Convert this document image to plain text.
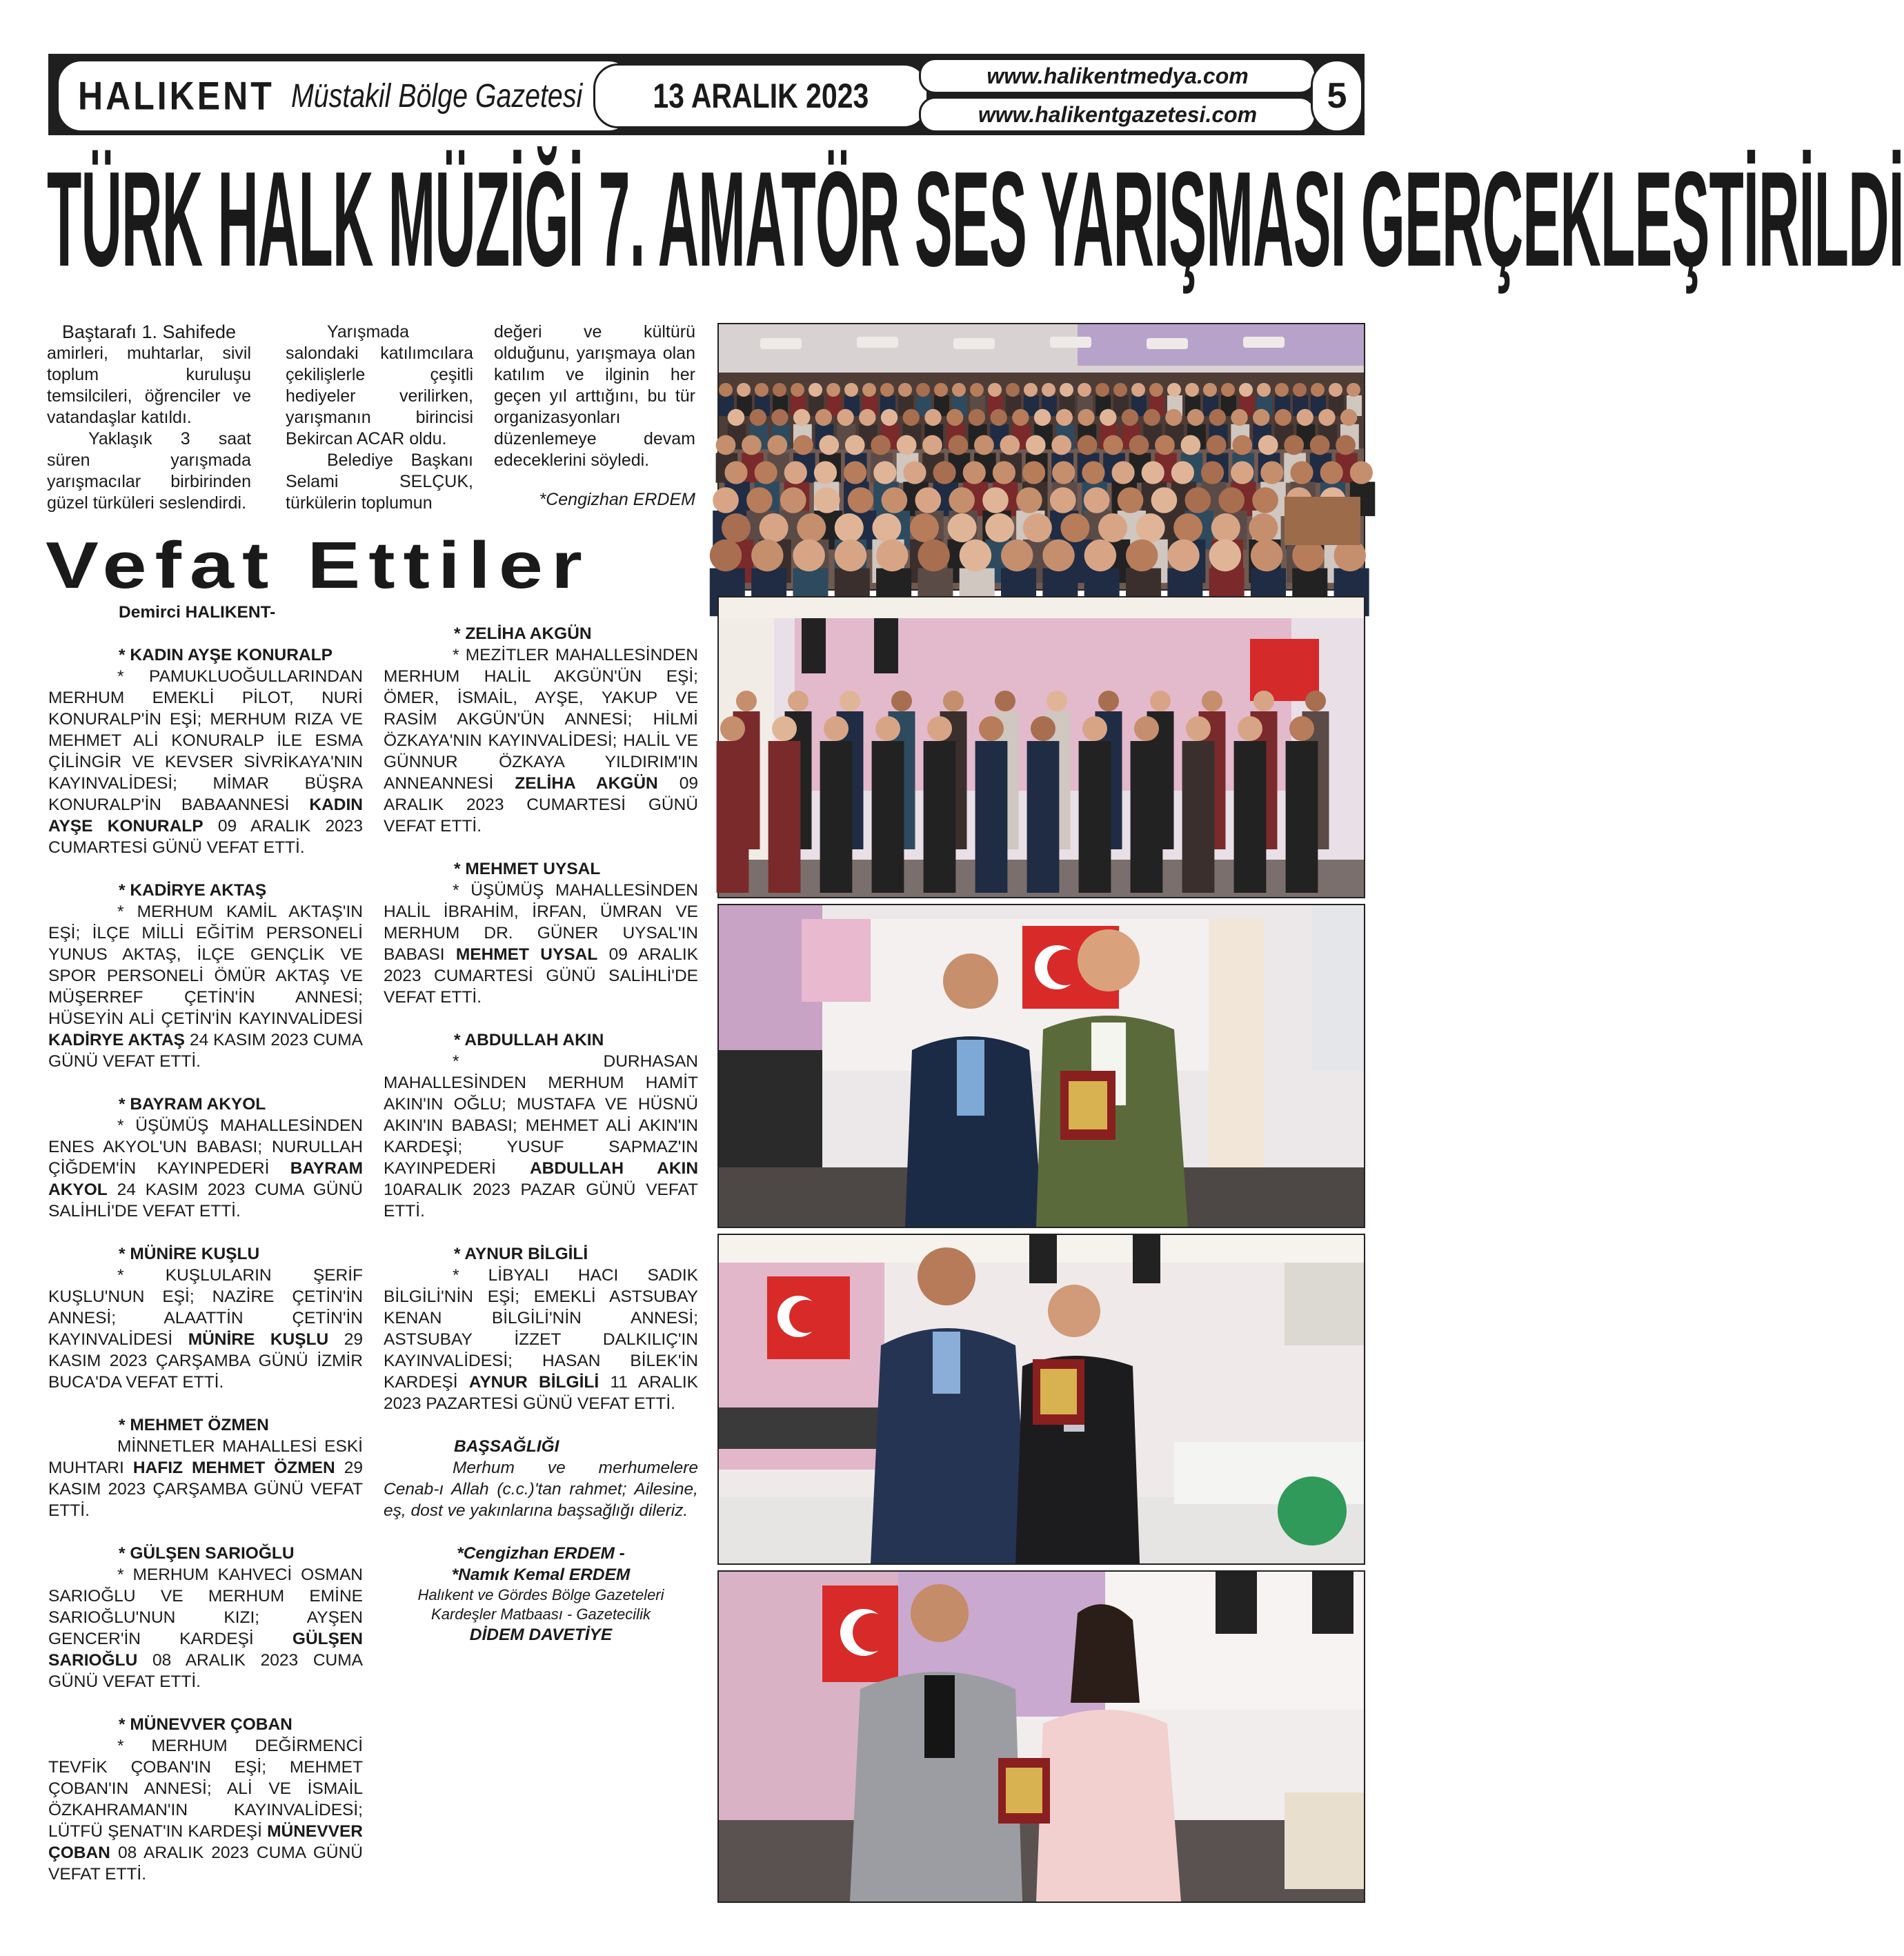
HALIKENT Müstakil Bölge Gazetesi 13 ARALIK 2023
www.halikentmedya.com
www.halikentgazetesi.com 5
TÜRK HALK MÜZİĞİ 7. AMATÖR SES YARIŞMASI GERÇEKLEŞTİRİLDİ

Baştarafı 1. Sahifede

amirleri, muhtarlar, sivil toplum kuruluşu temsilcileri, öğrenciler ve vatandaşlar katıldı.

Yaklaşık 3 saat süren yarışmada yarışmacılar birbirinden güzel türküleri seslendirdi.

Yarışmada salondaki katılımcılara çekilişlerle çeşitli hediyeler verilirken, yarışmanın birincisi Bekircan ACAR oldu.

Belediye Başkanı Selami SELÇUK, türkülerin toplumun

değeri ve kültürü olduğunu, yarışmaya olan katılım ve ilginin her geçen yıl arttığını, bu tür organizasyonları düzenlemeye devam edeceklerini söyledi.

*Cengizhan ERDEM

Vefat Ettiler

Demirci HALIKENT-

* KADIN AYŞE KONURALP

* PAMUKLUOĞULLARINDAN MERHUM EMEKLİ PİLOT, NURİ KONURALP'İN EŞİ; MERHUM RIZA VE MEHMET ALİ KONURALP İLE ESMA ÇİLİNGİR VE KEVSER SİVRİKAYA'NIN KAYINVALİDESİ; MİMAR BÜŞRA KONURALP'İN BABAANNESİ KADIN AYŞE KONURALP 09 ARALIK 2023 CUMARTESİ GÜNÜ VEFAT ETTİ.

* KADİRYE AKTAŞ

* MERHUM KAMİL AKTAŞ'IN EŞİ; İLÇE MİLLİ EĞİTİM PERSONELİ YUNUS AKTAŞ, İLÇE GENÇLİK VE SPOR PERSONELİ ÖMÜR AKTAŞ VE MÜŞERREF ÇETİN'İN ANNESİ; HÜSEYİN ALİ ÇETİN'İN KAYINVALİDESİ KADİRYE AKTAŞ 24 KASIM 2023 CUMA GÜNÜ VEFAT ETTİ.

* BAYRAM AKYOL

* ÜŞÜMÜŞ MAHALLESİNDEN ENES AKYOL'UN BABASI; NURULLAH ÇİĞDEM'İN KAYINPEDERİ BAYRAM AKYOL 24 KASIM 2023 CUMA GÜNÜ SALİHLİ'DE VEFAT ETTİ.

* MÜNİRE KUŞLU

* KUŞLULARIN ŞERİF KUŞLU'NUN EŞİ; NAZİRE ÇETİN'İN ANNESİ; ALAATTİN ÇETİN'İN KAYINVALİDESİ MÜNİRE KUŞLU 29 KASIM 2023 ÇARŞAMBA GÜNÜ İZMİR BUCA'DA VEFAT ETTİ.

* MEHMET ÖZMEN

MİNNETLER MAHALLESİ ESKİ MUHTARI HAFIZ MEHMET ÖZMEN 29 KASIM 2023 ÇARŞAMBA GÜNÜ VEFAT ETTİ.

* GÜLŞEN SARIOĞLU

* MERHUM KAHVECİ OSMAN SARIOĞLU VE MERHUM EMİNE SARIOĞLU'NUN KIZI; AYŞEN GENCER'İN KARDEŞİ GÜLŞEN SARIOĞLU 08 ARALIK 2023 CUMA GÜNÜ VEFAT ETTİ.

* MÜNEVVER ÇOBAN

* MERHUM DEĞİRMENCİ TEVFİK ÇOBAN'IN EŞİ; MEHMET ÇOBAN'IN ANNESİ; ALİ VE İSMAİL ÖZKAHRAMAN'IN KAYINVALİDESİ; LÜTFÜ ŞENAT'IN KARDEŞİ MÜNEVVER ÇOBAN 08 ARALIK 2023 CUMA GÜNÜ VEFAT ETTİ.

* ZELİHA AKGÜN

* MEZİTLER MAHALLESİNDEN MERHUM HALİL AKGÜN'ÜN EŞİ; ÖMER, İSMAİL, AYŞE, YAKUP VE RASİM AKGÜN'ÜN ANNESİ; HİLMİ ÖZKAYA'NIN KAYINVALİDESİ; HALİL VE GÜNNUR ÖZKAYA YILDIRIM'IN ANNEANNESİ ZELİHA AKGÜN 09 ARALIK 2023 CUMARTESİ GÜNÜ VEFAT ETTİ.

* MEHMET UYSAL

* ÜŞÜMÜŞ MAHALLESİNDEN HALİL İBRAHİM, İRFAN, ÜMRAN VE MERHUM DR. GÜNER UYSAL'IN BABASI MEHMET UYSAL 09 ARALIK 2023 CUMARTESİ GÜNÜ SALİHLİ'DE VEFAT ETTİ.

* ABDULLAH AKIN

* DURHASAN MAHALLESİNDEN MERHUM HAMİT AKIN'IN OĞLU; MUSTAFA VE HÜSNÜ AKIN'IN BABASI; MEHMET ALİ AKIN'IN KARDEŞİ; YUSUF SAPMAZ'IN KAYINPEDERİ ABDULLAH AKIN 10ARALIK 2023 PAZAR GÜNÜ VEFAT ETTİ.

* AYNUR BİLGİLİ

* LİBYALI HACI SADIK BİLGİLİ'NİN EŞİ; EMEKLİ ASTSUBAY KENAN BİLGİLİ'NİN ANNESİ; ASTSUBAY İZZET DALKILIÇ'IN KAYINVALİDESİ; HASAN BİLEK'İN KARDEŞİ AYNUR BİLGİLİ 11 ARALIK 2023 PAZARTESİ GÜNÜ VEFAT ETTİ.

BAŞSAĞLIĞI

Merhum ve merhumelere Cenab-ı Allah (c.c.)'tan rahmet; Ailesine, eş, dost ve yakınlarına başsağlığı dileriz.

*Cengizhan ERDEM -

*Namık Kemal ERDEM

Halıkent ve Gördes Bölge Gazeteleri

Kardeşler Matbaası - Gazetecilik

DİDEM DAVETİYE
